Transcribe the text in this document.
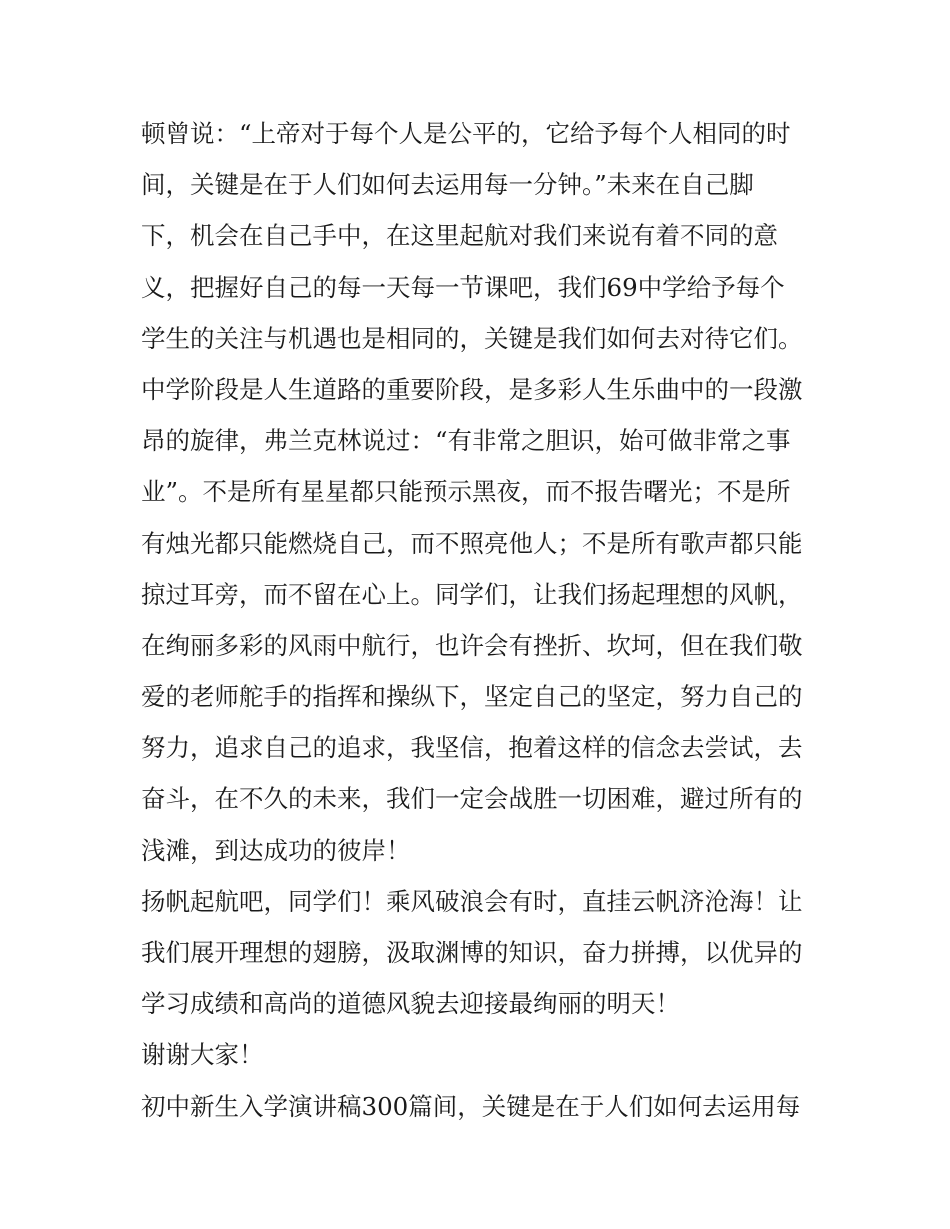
顿曾说：“上帝对于每个人是公平的，它给予每个人相同的时
间，关键是在于人们如何去运用每一分钟。”未来在自己脚
下，机会在自己手中，在这里起航对我们来说有着不同的意
义，把握好自己的每一天每一节课吧，我们69中学给予每个
学生的关注与机遇也是相同的，关键是我们如何去对待它们。
中学阶段是人生道路的重要阶段，是多彩人生乐曲中的一段激
昂的旋律，弗兰克林说过：“有非常之胆识，始可做非常之事
业”。不是所有星星都只能预示黑夜，而不报告曙光；不是所
有烛光都只能燃烧自己，而不照亮他人；不是所有歌声都只能
掠过耳旁，而不留在心上。同学们，让我们扬起理想的风帆，
在绚丽多彩的风雨中航行，也许会有挫折、坎坷，但在我们敬
爱的老师舵手的指挥和操纵下，坚定自己的坚定，努力自己的
努力，追求自己的追求，我坚信，抱着这样的信念去尝试，去
奋斗，在不久的未来，我们一定会战胜一切困难，避过所有的
浅滩，到达成功的彼岸！
扬帆起航吧，同学们！乘风破浪会有时，直挂云帆济沧海！让
我们展开理想的翅膀，汲取渊博的知识，奋力拼搏，以优异的
学习成绩和高尚的道德风貌去迎接最绚丽的明天！
谢谢大家！
初中新生入学演讲稿300篇间，关键是在于人们如何去运用每
